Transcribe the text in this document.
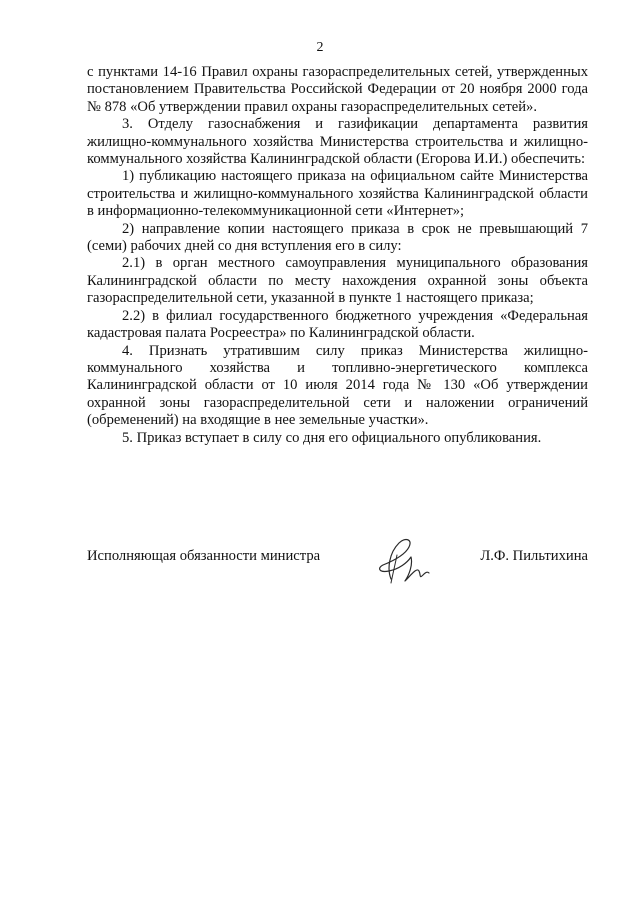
2

с пунктами 14-16 Правил охраны газораспределительных сетей, утвержденных постановлением Правительства Российской Федерации от 20 ноября 2000 года № 878 «Об утверждении правил охраны газораспределительных сетей».

3. Отделу газоснабжения и газификации департамента развития жилищно-коммунального хозяйства Министерства строительства и жилищно-коммунального хозяйства Калининградской области (Егорова И.И.) обеспечить:

1) публикацию настоящего приказа на официальном сайте Министерства строительства и жилищно-коммунального хозяйства Калининградской области в информационно-телекоммуникационной сети «Интернет»;

2) направление копии настоящего приказа в срок не превышающий 7 (семи) рабочих дней со дня вступления его в силу:

2.1) в орган местного самоуправления муниципального образования Калининградской области по месту нахождения охранной зоны объекта газораспределительной сети, указанной в пункте 1 настоящего приказа;

2.2) в филиал государственного бюджетного учреждения «Федеральная кадастровая палата Росреестра» по Калининградской области.

4. Признать утратившим силу приказ Министерства жилищно-коммунального хозяйства и топливно-энергетического комплекса Калининградской области от 10 июля 2014 года № 130 «Об утверждении охранной зоны газораспределительной сети и наложении ограничений (обременений) на входящие в нее земельные участки».

5. Приказ вступает в силу со дня его официального опубликования.

Исполняющая обязанности министра	Л.Ф. Пильтихина
